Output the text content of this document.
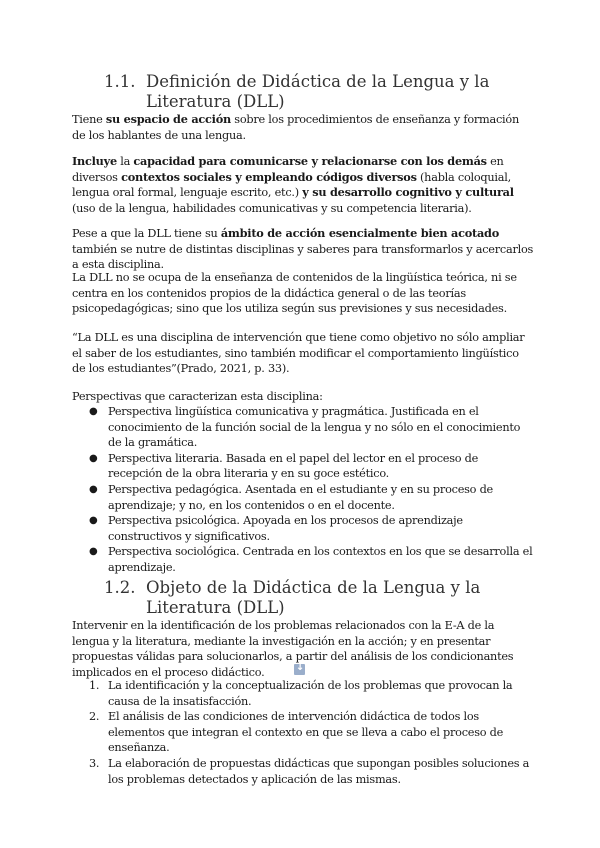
1.1. Definición de Didáctica de la Lengua y la Literatura (DLL)
Tiene su espacio de acción sobre los procedimientos de enseñanza y formación de los hablantes de una lengua.
Incluye la capacidad para comunicarse y relacionarse con los demás en diversos contextos sociales y empleando códigos diversos (habla coloquial, lengua oral formal, lenguaje escrito, etc.) y su desarrollo cognitivo y cultural (uso de la lengua, habilidades comunicativas y su competencia literaria).
Pese a que la DLL tiene su ámbito de acción esencialmente bien acotado también se nutre de distintas disciplinas y saberes para transformarlos y acercarlos a esta disciplina.
La DLL no se ocupa de la enseñanza de contenidos de la lingüística teórica, ni se centra en los contenidos propios de la didáctica general o de las teorías psicopedagógicas; sino que los utiliza según sus previsiones y sus necesidades.
“La DLL es una disciplina de intervención que tiene como objetivo no sólo ampliar el saber de los estudiantes, sino también modificar el comportamiento lingüístico de los estudiantes”(Prado, 2021, p. 33).
Perspectivas que caracterizan esta disciplina:
● Perspectiva lingüística comunicativa y pragmática. Justificada en el conocimiento de la función social de la lengua y no sólo en el conocimiento de la gramática.
● Perspectiva literaria. Basada en el papel del lector en el proceso de recepción de la obra literaria y en su goce estético.
● Perspectiva pedagógica. Asentada en el estudiante y en su proceso de aprendizaje; y no, en los contenidos o en el docente.
● Perspectiva psicológica. Apoyada en los procesos de aprendizaje constructivos y significativos.
● Perspectiva sociológica. Centrada en los contextos en los que se desarrolla el aprendizaje.
1.2. Objeto de la Didáctica de la Lengua y la Literatura (DLL)
Intervenir en la identificación de los problemas relacionados con la E-A de la lengua y la literatura, mediante la investigación en la acción; y en presentar propuestas válidas para solucionarlos, a partir del análisis de los condicionantes implicados en el proceso didáctico.
↓
1. La identificación y la conceptualización de los problemas que provocan la causa de la insatisfacción.
2. El análisis de las condiciones de intervención didáctica de todos los elementos que integran el contexto en que se lleva a cabo el proceso de enseñanza.
3. La elaboración de propuestas didácticas que supongan posibles soluciones a los problemas detectados y aplicación de las mismas.
